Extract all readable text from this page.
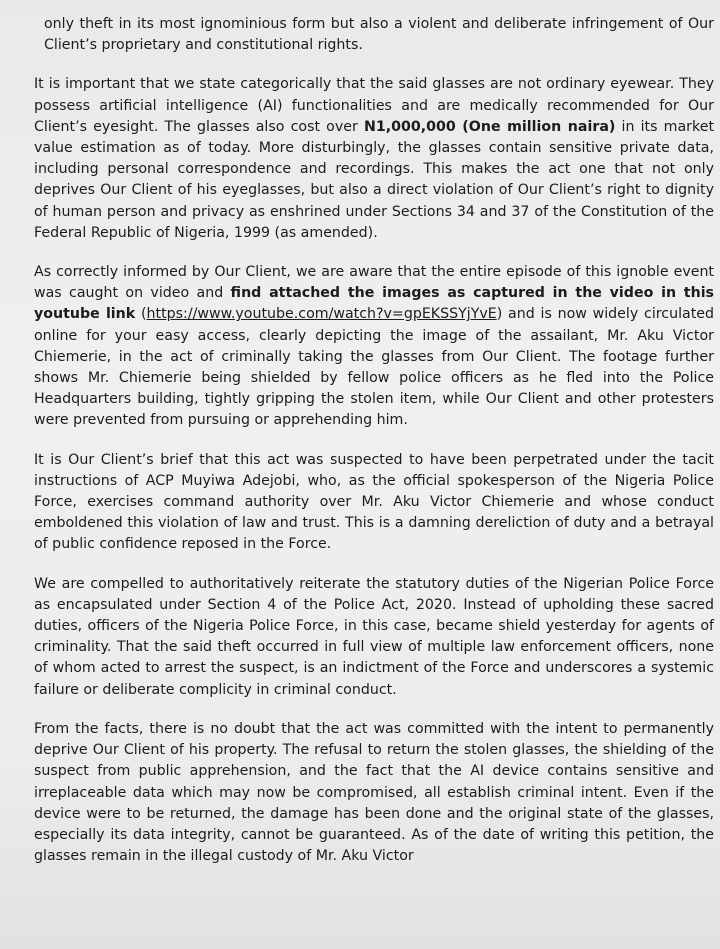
only theft in its most ignominious form but also a violent and deliberate infringement of Our Client’s proprietary and constitutional rights.

It is important that we state categorically that the said glasses are not ordinary eyewear. They possess artificial intelligence (AI) functionalities and are medically recommended for Our Client’s eyesight. The glasses also cost over N1,000,000 (One million naira) in its market value estimation as of today. More disturbingly, the glasses contain sensitive private data, including personal correspondence and recordings. This makes the act one that not only deprives Our Client of his eyeglasses, but also a direct violation of Our Client’s right to dignity of human person and privacy as enshrined under Sections 34 and 37 of the Constitution of the Federal Republic of Nigeria, 1999 (as amended).

As correctly informed by Our Client, we are aware that the entire episode of this ignoble event was caught on video and find attached the images as captured in the video in this youtube link (https://www.youtube.com/watch?v=gpEKSSYjYvE) and is now widely circulated online for your easy access, clearly depicting the image of the assailant, Mr. Aku Victor Chiemerie, in the act of criminally taking the glasses from Our Client. The footage further shows Mr. Chiemerie being shielded by fellow police officers as he fled into the Police Headquarters building, tightly gripping the stolen item, while Our Client and other protesters were prevented from pursuing or apprehending him.

It is Our Client’s brief that this act was suspected to have been perpetrated under the tacit instructions of ACP Muyiwa Adejobi, who, as the official spokesperson of the Nigeria Police Force, exercises command authority over Mr. Aku Victor Chiemerie and whose conduct emboldened this violation of law and trust. This is a damning dereliction of duty and a betrayal of public confidence reposed in the Force.

We are compelled to authoritatively reiterate the statutory duties of the Nigerian Police Force as encapsulated under Section 4 of the Police Act, 2020. Instead of upholding these sacred duties, officers of the Nigeria Police Force, in this case, became shield yesterday for agents of criminality. That the said theft occurred in full view of multiple law enforcement officers, none of whom acted to arrest the suspect, is an indictment of the Force and underscores a systemic failure or deliberate complicity in criminal conduct.

From the facts, there is no doubt that the act was committed with the intent to permanently deprive Our Client of his property. The refusal to return the stolen glasses, the shielding of the suspect from public apprehension, and the fact that the AI device contains sensitive and irreplaceable data which may now be compromised, all establish criminal intent. Even if the device were to be returned, the damage has been done and the original state of the glasses, especially its data integrity, cannot be guaranteed. As of the date of writing this petition, the glasses remain in the illegal custody of Mr. Aku Victor
